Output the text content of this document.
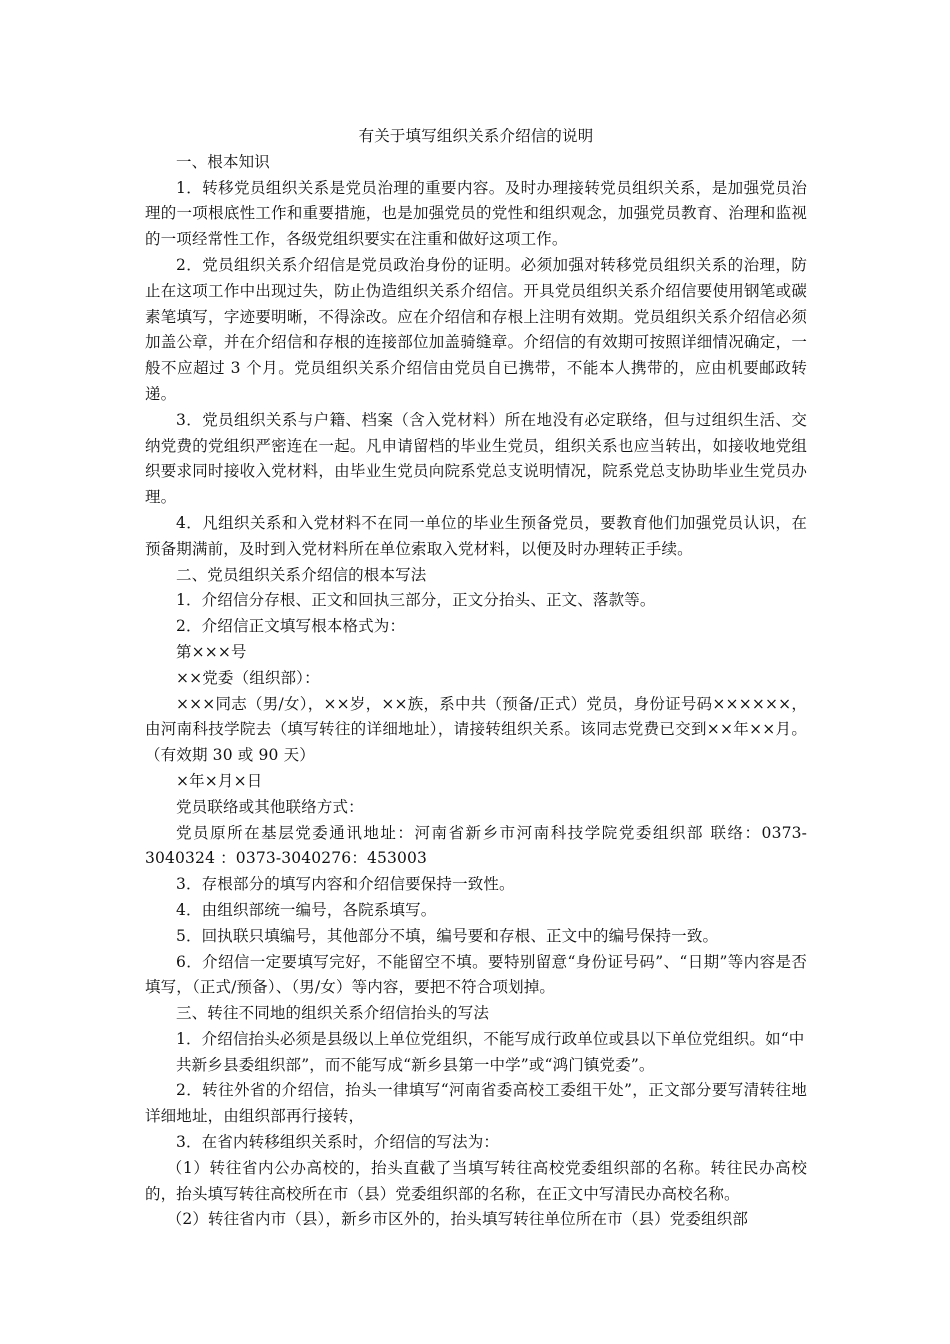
有关于填写组织关系介绍信的说明

一、根本知识

1．转移党员组织关系是党员治理的重要内容。及时办理接转党员组织关系，是加强党员治理的一项根底性工作和重要措施，也是加强党员的党性和组织观念，加强党员教育、治理和监视的一项经常性工作，各级党组织要实在注重和做好这项工作。

2．党员组织关系介绍信是党员政治身份的证明。必须加强对转移党员组织关系的治理，防止在这项工作中出现过失，防止伪造组织关系介绍信。开具党员组织关系介绍信要使用钢笔或碳素笔填写，字迹要明晰，不得涂改。应在介绍信和存根上注明有效期。党员组织关系介绍信必须加盖公章，并在介绍信和存根的连接部位加盖骑缝章。介绍信的有效期可按照详细情况确定，一般不应超过 3 个月。党员组织关系介绍信由党员自已携带，不能本人携带的，应由机要邮政转递。

3．党员组织关系与户籍、档案（含入党材料）所在地没有必定联络，但与过组织生活、交纳党费的党组织严密连在一起。凡申请留档的毕业生党员，组织关系也应当转出，如接收地党组织要求同时接收入党材料，由毕业生党员向院系党总支说明情况，院系党总支协助毕业生党员办理。

4．凡组织关系和入党材料不在同一单位的毕业生预备党员，要教育他们加强党员认识，在预备期满前，及时到入党材料所在单位索取入党材料，以便及时办理转正手续。

二、党员组织关系介绍信的根本写法

1．介绍信分存根、正文和回执三部分，正文分抬头、正文、落款等。

2．介绍信正文填写根本格式为：

第×××号

××党委（组织部）：

×××同志（男/女），××岁，××族，系中共（预备/正式）党员，身份证号码××××××，由河南科技学院去（填写转往的详细地址），请接转组织关系。该同志党费已交到××年××月。（有效期 30 或 90 天）

×年×月×日

党员联络或其他联络方式：

党员原所在基层党委通讯地址：河南省新乡市河南科技学院党委组织部 联络：0373-3040324 ：0373-3040276：453003

3．存根部分的填写内容和介绍信要保持一致性。

4．由组织部统一编号，各院系填写。

5．回执联只填编号，其他部分不填，编号要和存根、正文中的编号保持一致。

6．介绍信一定要填写完好，不能留空不填。要特别留意“身份证号码”、“日期”等内容是否填写，（正式/预备）、（男/女）等内容，要把不符合项划掉。

三、转往不同地的组织关系介绍信抬头的写法

1．介绍信抬头必须是县级以上单位党组织，不能写成行政单位或县以下单位党组织。如“中

共新乡县委组织部”，而不能写成“新乡县第一中学”或“鸿门镇党委”。

2．转往外省的介绍信，抬头一律填写“河南省委高校工委组干处”，正文部分要写清转往地详细地址，由组织部再行接转，

3．在省内转移组织关系时，介绍信的写法为：

（1）转往省内公办高校的，抬头直截了当填写转往高校党委组织部的名称。转往民办高校的，抬头填写转往高校所在市（县）党委组织部的名称，在正文中写清民办高校名称。

（2）转往省内市（县），新乡市区外的，抬头填写转往单位所在市（县）党委组织部
